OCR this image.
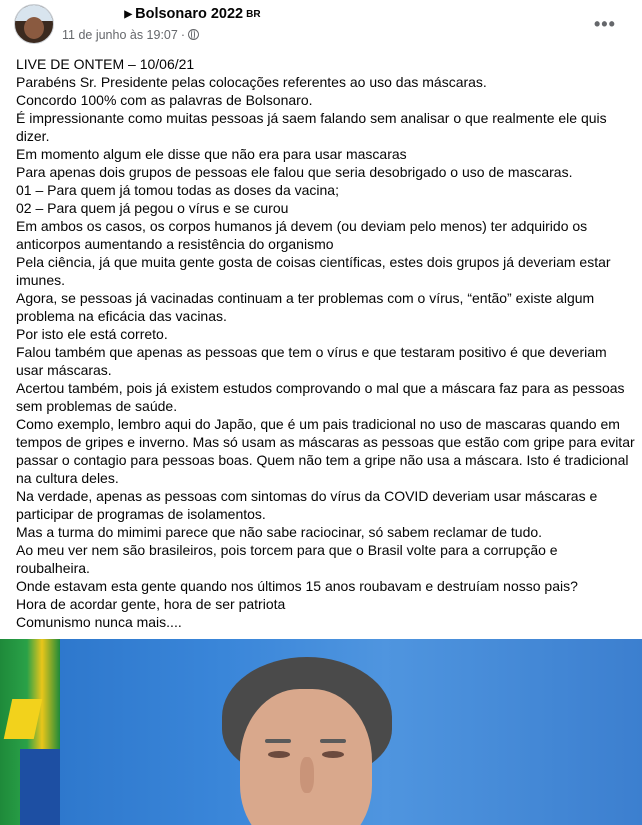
▶ Bolsonaro 2022 BR
11 de junho às 19:07 ·
•••
LIVE DE ONTEM – 10/06/21
Parabéns Sr. Presidente pelas colocações referentes ao uso das máscaras.
Concordo 100% com as palavras de Bolsonaro.
É impressionante como muitas pessoas já saem falando sem analisar o que realmente ele quis
dizer.
Em momento algum ele disse que não era para usar mascaras
Para apenas dois grupos de pessoas ele falou que seria desobrigado o uso de mascaras.
01 – Para quem já tomou todas as doses da vacina;
02 – Para quem já pegou o vírus e se curou
Em ambos os casos, os corpos humanos já devem (ou deviam pelo menos) ter adquirido os
anticorpos aumentando a resistência do organismo
Pela ciência, já que muita gente gosta de coisas científicas, estes dois grupos já deveriam estar
imunes.
Agora, se pessoas já vacinadas continuam a ter problemas com o vírus, “então” existe algum
problema na eficácia das vacinas.
Por isto ele está correto.
Falou também que apenas as pessoas que tem o vírus e que testaram positivo é que deveriam
usar máscaras.
Acertou também, pois já existem estudos comprovando o mal que a máscara faz para as pessoas
sem problemas de saúde.
Como exemplo, lembro aqui do Japão, que é um pais tradicional no uso de mascaras quando em
tempos de gripes e inverno. Mas só usam as máscaras as pessoas que estão com gripe para evitar
passar o contagio para pessoas boas. Quem não tem a gripe não usa a máscara. Isto é tradicional
na cultura deles.
Na verdade, apenas as pessoas com sintomas do vírus da COVID deveriam usar máscaras e
participar de programas de isolamentos.
Mas a turma do mimimi parece que não sabe raciocinar, só sabem reclamar de tudo.
Ao meu ver nem são brasileiros, pois torcem para que o Brasil volte para a corrupção e
roubalheira.
Onde estavam esta gente quando nos últimos 15 anos roubavam e destruíam nosso pais?
Hora de acordar gente, hora de ser patriota
Comunismo nunca mais....
